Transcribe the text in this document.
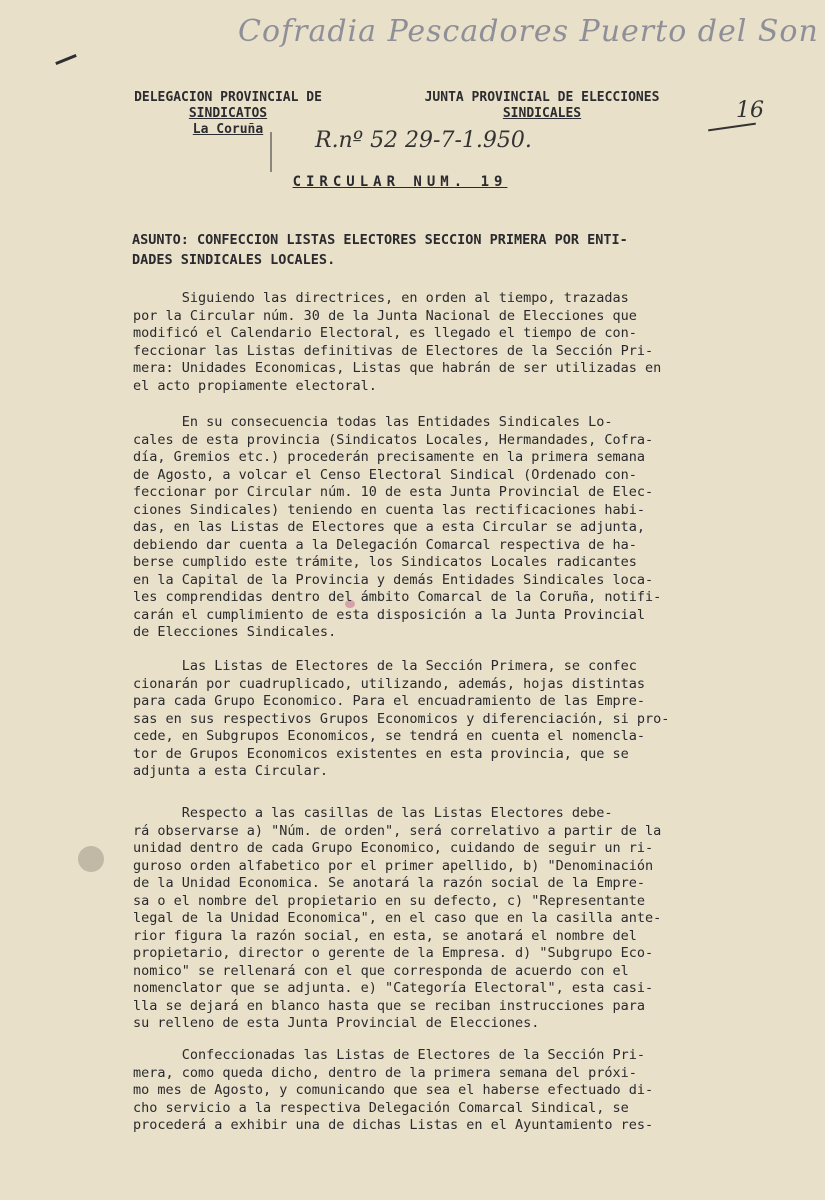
Cofradia Pescadores Puerto del Son
16
R.nº 52 29-7-1.950.
DELEGACION PROVINCIAL DE
SINDICATOS
La Coruña
JUNTA PROVINCIAL DE ELECCIONES
SINDICALES
CIRCULAR NUM. 19
ASUNTO: CONFECCION LISTAS ELECTORES SECCION PRIMERA POR ENTI-
DADES SINDICALES LOCALES.
Siguiendo las directrices, en orden al tiempo, trazadas
por la Circular núm. 30 de la Junta Nacional de Elecciones que
modificó el Calendario Electoral, es llegado el tiempo de con-
feccionar las Listas definitivas de Electores de la Sección Pri-
mera: Unidades Economicas, Listas que habrán de ser utilizadas en
el acto propiamente electoral.
En su consecuencia todas las Entidades Sindicales Lo-
cales de esta provincia (Sindicatos Locales, Hermandades, Cofra-
día, Gremios etc.) procederán precisamente en la primera semana
de Agosto, a volcar el Censo Electoral Sindical (Ordenado con-
feccionar por Circular núm. 10 de esta Junta Provincial de Elec-
ciones Sindicales) teniendo en cuenta las rectificaciones habi-
das, en las Listas de Electores que a esta Circular se adjunta,
debiendo dar cuenta a la Delegación Comarcal respectiva de ha-
berse cumplido este trámite, los Sindicatos Locales radicantes
en la Capital de la Provincia y demás Entidades Sindicales loca-
les comprendidas dentro del ámbito Comarcal de la Coruña, notifi-
carán el cumplimiento de esta disposición a la Junta Provincial
de Elecciones Sindicales.
Las Listas de Electores de la Sección Primera, se confec
cionarán por cuadruplicado, utilizando, además, hojas distintas
para cada Grupo Economico. Para el encuadramiento de las Empre-
sas en sus respectivos Grupos Economicos y diferenciación, si pro-
cede, en Subgrupos Economicos, se tendrá en cuenta el nomencla-
tor de Grupos Economicos existentes en esta provincia, que se
adjunta a esta Circular.
Respecto a las casillas de las Listas Electores debe-
rá observarse a) "Núm. de orden", será correlativo a partir de la
unidad dentro de cada Grupo Economico, cuidando de seguir un ri-
guroso orden alfabetico por el primer apellido, b) "Denominación
de la Unidad Economica. Se anotará la razón social de la Empre-
sa o el nombre del propietario en su defecto, c) "Representante
legal de la Unidad Economica", en el caso que en la casilla ante-
rior figura la razón social, en esta, se anotará el nombre del
propietario, director o gerente de la Empresa. d) "Subgrupo Eco-
nomico" se rellenará con el que corresponda de acuerdo con el
nomenclator que se adjunta. e) "Categoría Electoral", esta casi-
lla se dejará en blanco hasta que se reciban instrucciones para
su relleno de esta Junta Provincial de Elecciones.
Confeccionadas las Listas de Electores de la Sección Pri-
mera, como queda dicho, dentro de la primera semana del próxi-
mo mes de Agosto, y comunicando que sea el haberse efectuado di-
cho servicio a la respectiva Delegación Comarcal Sindical, se
procederá a exhibir una de dichas Listas en el Ayuntamiento res-
